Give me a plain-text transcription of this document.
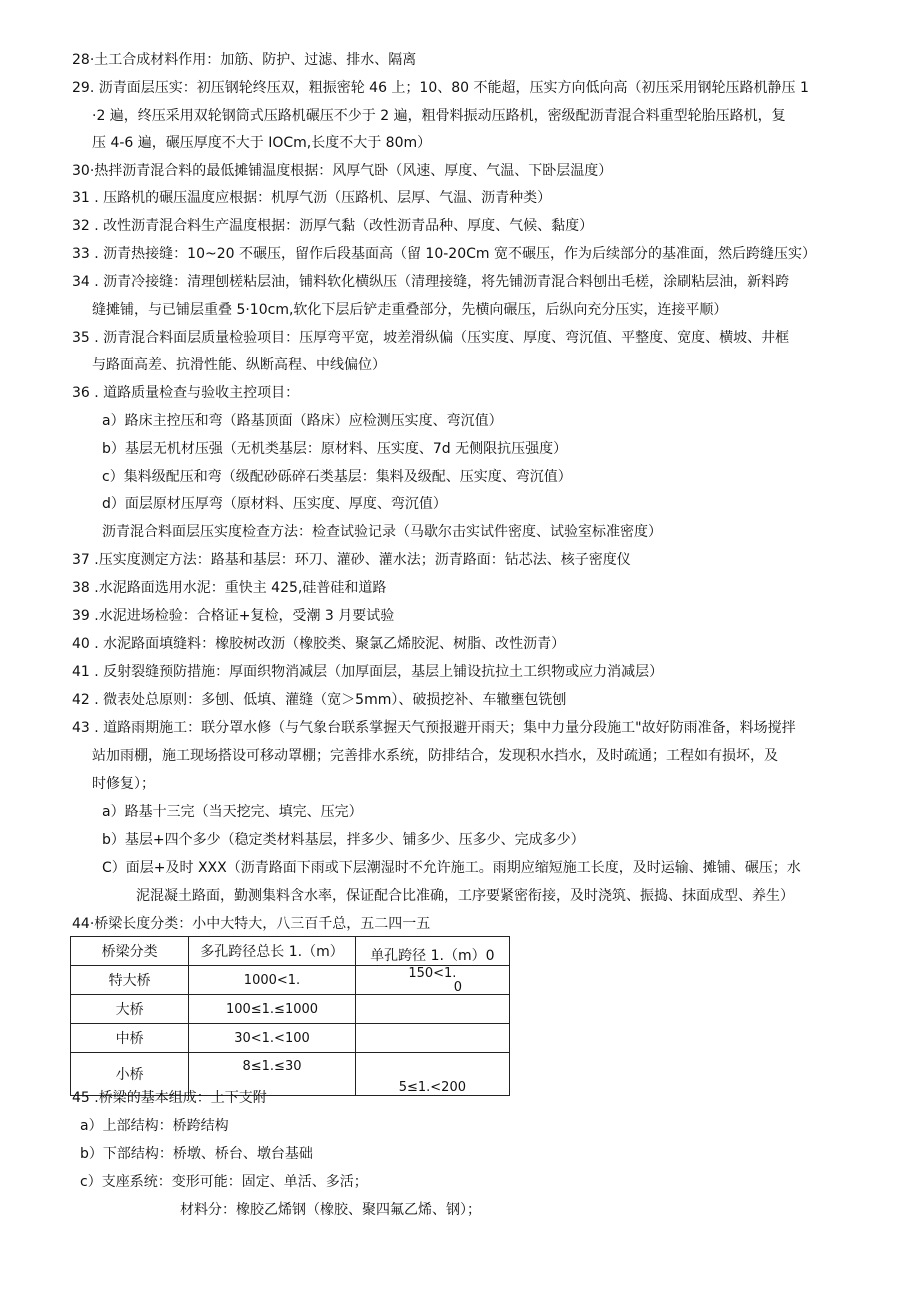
28·土工合成材料作用：加筋、防护、过滤、排水、隔离
29. 沥青面层压实：初压钢轮终压双，粗振密轮 46 上；10、80 不能超，压实方向低向高（初压采用钢轮压路机静压 1
·2 遍，终压采用双轮钢筒式压路机碾压不少于 2 遍，粗骨料振动压路机，密级配沥青混合料重型轮胎压路机，复
压 4-6 遍，碾压厚度不大于 IOCm,长度不大于 80m）
30·热拌沥青混合料的最低摊铺温度根据：风厚气卧（风速、厚度、气温、下卧层温度）
31 . 压路机的碾压温度应根据：机厚气沥（压路机、层厚、气温、沥青种类）
32 . 改性沥青混合料生产温度根据：沥厚气黏（改性沥青品种、厚度、气候、黏度）
33 . 沥青热接缝：10~20 不碾压，留作后段基面高（留 10-20Cm 宽不碾压，作为后续部分的基准面，然后跨缝压实）
34 . 沥青冷接缝：清理刨槎粘层油，铺料软化横纵压（清理接缝，将先铺沥青混合料刨出毛槎，涂刷粘层油，新料跨
缝摊铺，与已铺层重叠 5·10cm,软化下层后铲走重叠部分，先横向碾压，后纵向充分压实，连接平顺）
35 . 沥青混合料面层质量检验项目：压厚弯平宽，坡差滑纵偏（压实度、厚度、弯沉值、平整度、宽度、横坡、井框
与路面高差、抗滑性能、纵断高程、中线偏位）
36 . 道路质量检查与验收主控项目：
a）路床主控压和弯（路基顶面（路床）应检测压实度、弯沉值）
b）基层无机材压强（无机类基层：原材料、压实度、7d 无侧限抗压强度）
c）集料级配压和弯（级配砂砾碎石类基层：集料及级配、压实度、弯沉值）
d）面层原材压厚弯（原材料、压实度、厚度、弯沉值）
沥青混合料面层压实度检查方法：检查试验记录（马歇尔击实试件密度、试验室标准密度）
37 .压实度测定方法：路基和基层：环刀、灌砂、灌水法；沥青路面：钻芯法、核子密度仪
38 .水泥路面选用水泥：重快主 425,硅普硅和道路
39 .水泥进场检验：合格证+复检，受潮 3 月要试验
40 . 水泥路面填缝料：橡胶树改沥（橡胶类、聚氯乙烯胶泥、树脂、改性沥青）
41 . 反射裂缝预防措施：厚面织物消减层（加厚面层，基层上铺设抗拉土工织物或应力消减层）
42 . 微表处总原则：多刨、低填、灌缝（宽＞5mm）、破损挖补、车辙壅包铣刨
43 . 道路雨期施工：联分罩水修（与气象台联系掌握天气预报避开雨天；集中力量分段施工"故好防雨准备，料场搅拌
站加雨棚，施工现场搭设可移动罩棚；完善排水系统，防排结合，发现积水挡水，及时疏通；工程如有损坏，及
时修复）；
a）路基十三完（当天挖完、填完、压完）
b）基层+四个多少（稳定类材料基层，拌多少、铺多少、压多少、完成多少）
C）面层+及时 XXX（沥青路面下雨或下层潮湿时不允许施工。雨期应缩短施工长度，及时运输、摊铺、碾压；水
泥混凝土路面，勤测集料含水率，保证配合比准确，工序要紧密衔接，及时浇筑、振捣、抹面成型、养生）
44·桥梁长度分类：小中大特大，八三百千总，五二四一五
桥梁分类	多孔跨径总长 1.（m）	单孔跨径 1.（m）0
特大桥	1000<1.	150<1.
0

大桥	100≤1.≤1000	
中桥	30<1.<100	
小桥	8≤1.≤30	5≤1.<200
45 .桥梁的基本组成：上下支附
a）上部结构：桥跨结构
b）下部结构：桥墩、桥台、墩台基础
c）支座系统：变形可能：固定、单活、多活；
材料分：橡胶乙烯钢（橡胶、聚四氟乙烯、钢）；
